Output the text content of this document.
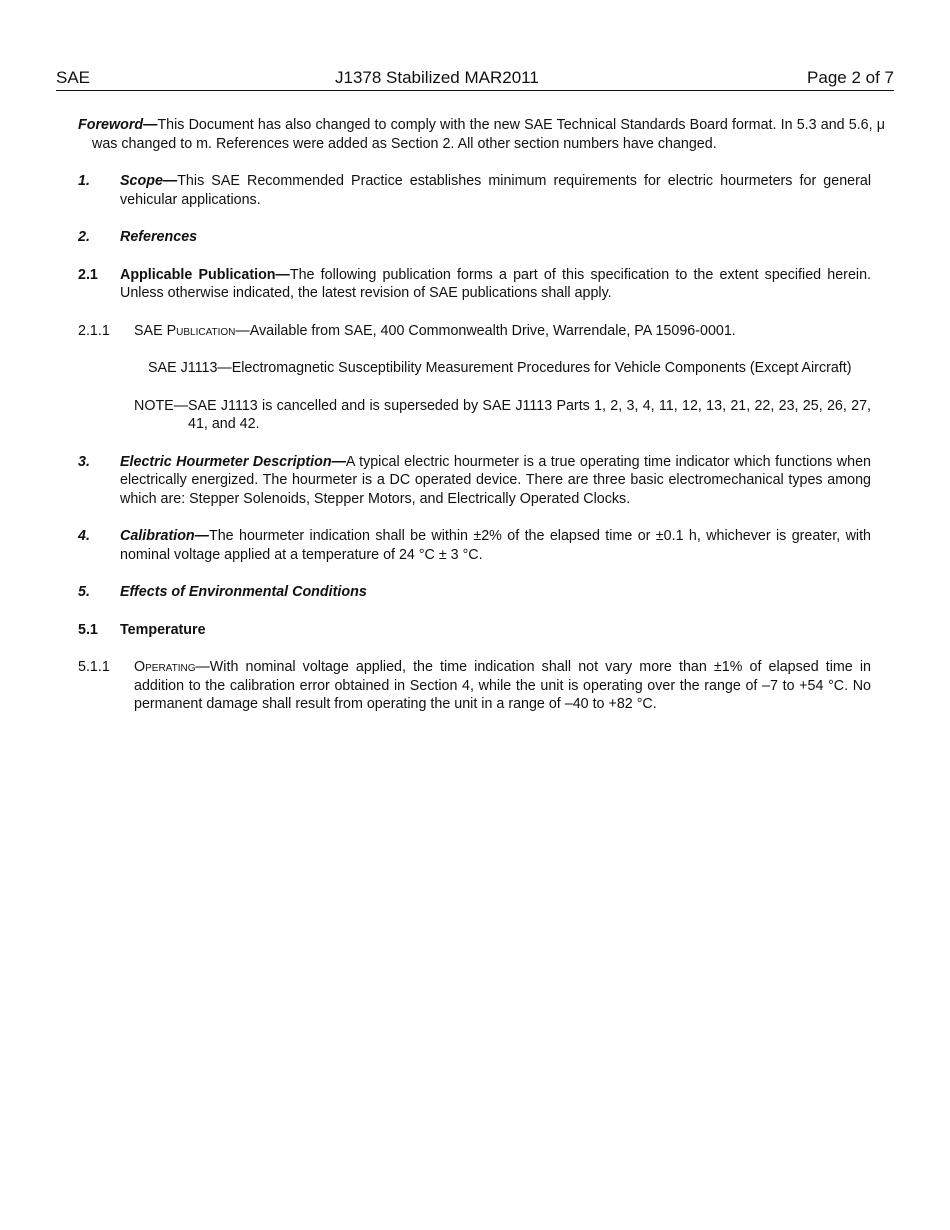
SAE	J1378 Stabilized MAR2011	Page 2 of 7
Foreword—This Document has also changed to comply with the new SAE Technical Standards Board format. In 5.3 and 5.6, μ was changed to m. References were added as Section 2. All other section numbers have changed.
1. Scope—This SAE Recommended Practice establishes minimum requirements for electric hourmeters for general vehicular applications.
2. References
2.1 Applicable Publication—The following publication forms a part of this specification to the extent specified herein. Unless otherwise indicated, the latest revision of SAE publications shall apply.
2.1.1 SAE Publication—Available from SAE, 400 Commonwealth Drive, Warrendale, PA 15096-0001.
SAE J1113—Electromagnetic Susceptibility Measurement Procedures for Vehicle Components (Except Aircraft)
NOTE—SAE J1113 is cancelled and is superseded by SAE J1113 Parts 1, 2, 3, 4, 11, 12, 13, 21, 22, 23, 25, 26, 27, 41, and 42.
3. Electric Hourmeter Description—A typical electric hourmeter is a true operating time indicator which functions when electrically energized. The hourmeter is a DC operated device. There are three basic electromechanical types among which are: Stepper Solenoids, Stepper Motors, and Electrically Operated Clocks.
4. Calibration—The hourmeter indication shall be within ±2% of the elapsed time or ±0.1 h, whichever is greater, with nominal voltage applied at a temperature of 24 °C ± 3 °C.
5. Effects of Environmental Conditions
5.1 Temperature
5.1.1 Operating—With nominal voltage applied, the time indication shall not vary more than ±1% of elapsed time in addition to the calibration error obtained in Section 4, while the unit is operating over the range of –7 to +54 °C. No permanent damage shall result from operating the unit in a range of –40 to +82 °C.
